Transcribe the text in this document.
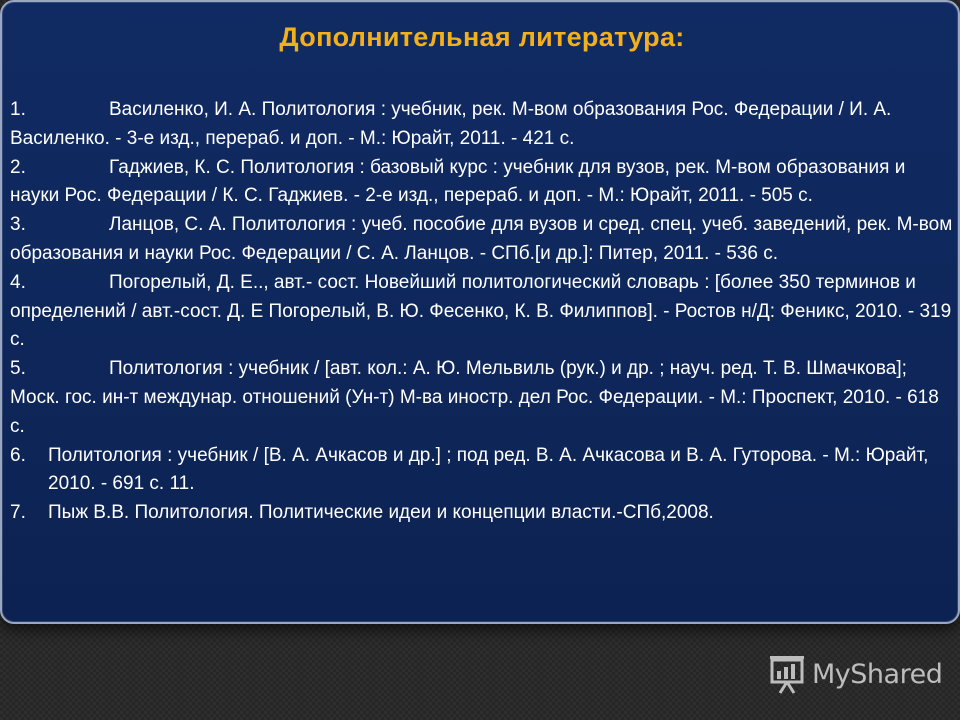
Дополнительная литература:

1.	Василенко, И. А. Политология : учебник, рек. М-вом образования Рос. Федерации / И. А. Василенко. - 3-е изд., перераб. и доп. - М.: Юрайт, 2011. - 421 с.

2.	Гаджиев, К. С. Политология : базовый курс : учебник для вузов, рек. М-вом образования и науки Рос. Федерации / К. С. Гаджиев. - 2-е изд., перераб. и доп. - М.: Юрайт, 2011. - 505 с.

3.	Ланцов, С. А. Политология : учеб. пособие для вузов и сред. спец. учеб. заведений, рек. М-вом образования и науки Рос. Федерации / С. А. Ланцов. - СПб.[и др.]: Питер, 2011. - 536 с.

4.	Погорелый, Д. Е.., авт.- сост. Новейший политологический словарь : [более 350 терминов и определений / авт.-сост. Д. Е Погорелый, В. Ю. Фесенко, К. В. Филиппов]. - Ростов н/Д: Феникс, 2010. - 319 с.

5.	Политология : учебник / [авт. кол.: А. Ю. Мельвиль (рук.) и др. ; науч. ред. Т. В. Шмачкова]; Моск. гос. ин-т междунар. отношений (Ун-т) М-ва иностр. дел Рос. Федерации. - М.: Проспект, 2010. - 618 с.

6. Политология : учебник / [В. А. Ачкасов и др.] ; под ред. В. А. Ачкасова и В. А. Гуторова. - М.: Юрайт, 2010. - 691 с. 11.

7. Пыж В.В. Политология. Политические идеи и концепции власти.-СПб,2008.

MyShared
